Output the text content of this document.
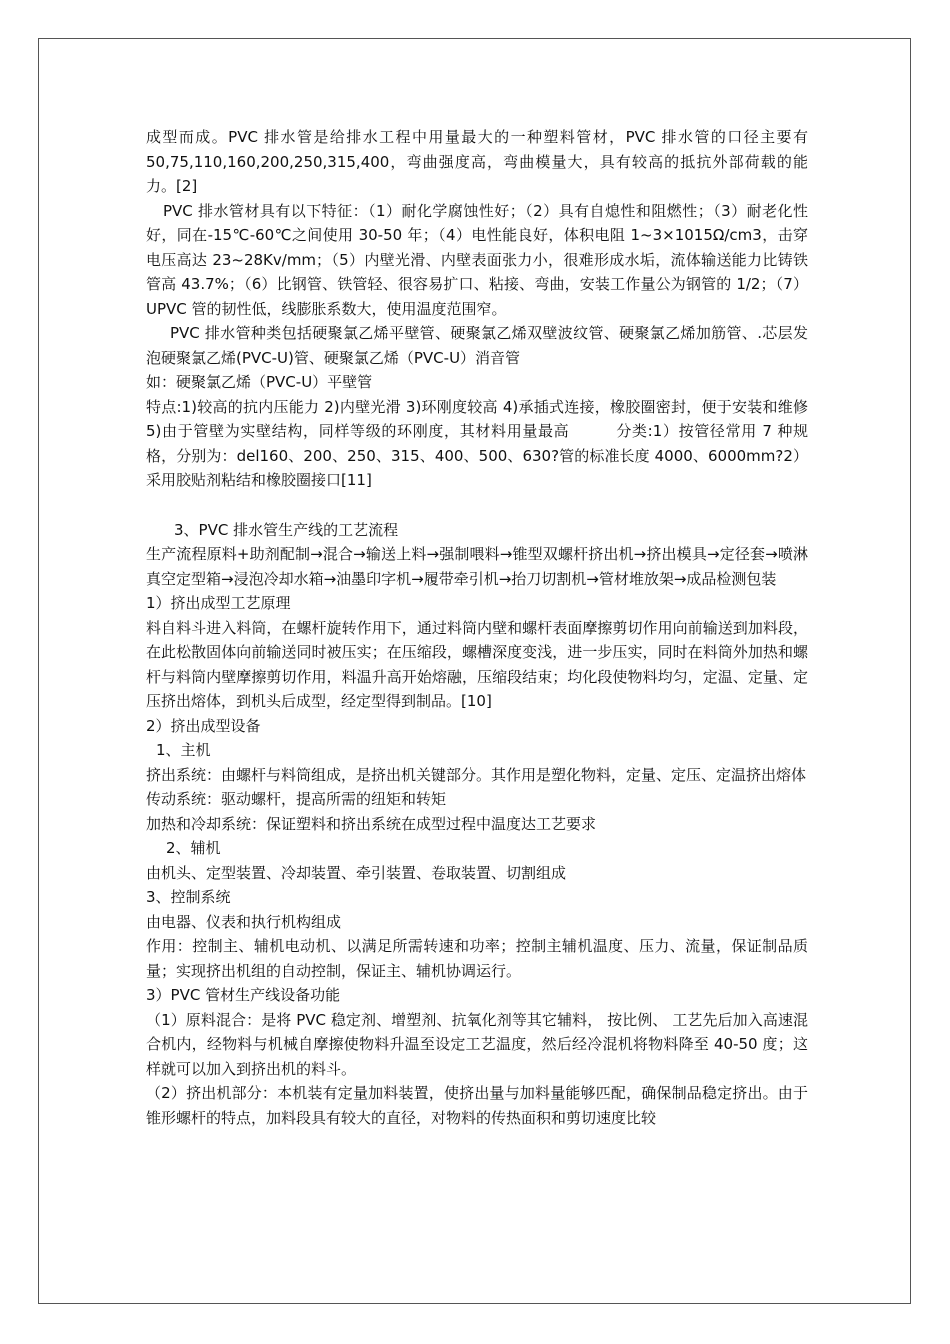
成型而成。PVC 排水管是给排水工程中用量最大的一种塑料管材，PVC 排水管的口径主要有 50,75,110,160,200,250,315,400，弯曲强度高，弯曲模量大，具有较高的抵抗外部荷载的能力。[2]

PVC 排水管材具有以下特征：（1）耐化学腐蚀性好；（2）具有自熄性和阻燃性；（3）耐老化性好，同在-15℃-60℃之间使用 30-50 年；（4）电性能良好，体积电阻 1~3×1015Ω/cm3，击穿电压高达 23~28Kv/mm；（5）内壁光滑、内壁表面张力小，很难形成水垢，流体输送能力比铸铁管高 43.7%；（6）比钢管、铁管轻、很容易扩口、粘接、弯曲，安装工作量公为钢管的 1/2；（7）UPVC 管的韧性低，线膨胀系数大，使用温度范围窄。

PVC 排水管种类包括硬聚氯乙烯平壁管、硬聚氯乙烯双壁波纹管、硬聚氯乙烯加筋管、.芯层发泡硬聚氯乙烯(PVC-U)管、硬聚氯乙烯（PVC-U）消音管

如：硬聚氯乙烯（PVC-U）平壁管

特点:1)较高的抗内压能力 2)内壁光滑 3)环刚度较高 4)承插式连接，橡胶圈密封，便于安装和维修 5)由于管壁为实壁结构，同样等级的环刚度，其材料用量最高　　　分类:1）按管径常用 7 种规格，分别为：del160、200、250、315、400、500、630?管的标准长度 4000、6000mm?2）采用胶贴剂粘结和橡胶圈接口[11]

3、PVC 排水管生产线的工艺流程

生产流程原料+助剂配制→混合→输送上料→强制喂料→锥型双螺杆挤出机→挤出模具→定径套→喷淋真空定型箱→浸泡冷却水箱→油墨印字机→履带牵引机→抬刀切割机→管材堆放架→成品检测包装

1）挤出成型工艺原理

料自料斗进入料筒，在螺杆旋转作用下，通过料筒内壁和螺杆表面摩擦剪切作用向前输送到加料段，在此松散固体向前输送同时被压实；在压缩段，螺槽深度变浅，进一步压实，同时在料筒外加热和螺杆与料筒内壁摩擦剪切作用，料温升高开始熔融，压缩段结束；均化段使物料均匀，定温、定量、定压挤出熔体，到机头后成型，经定型得到制品。[10]

2）挤出成型设备

1、主机

挤出系统：由螺杆与料筒组成，是挤出机关键部分。其作用是塑化物料，定量、定压、定温挤出熔体

传动系统：驱动螺杆，提高所需的纽矩和转矩

加热和冷却系统：保证塑料和挤出系统在成型过程中温度达工艺要求

2、辅机

由机头、定型装置、冷却装置、牵引装置、卷取装置、切割组成

3、控制系统

由电器、仪表和执行机构组成

作用：控制主、辅机电动机、以满足所需转速和功率；控制主辅机温度、压力、流量，保证制品质量；实现挤出机组的自动控制，保证主、辅机协调运行。

3）PVC 管材生产线设备功能

（1）原料混合：是将 PVC 稳定剂、增塑剂、抗氧化剂等其它辅料， 按比例、 工艺先后加入高速混合机内，经物料与机械自摩擦使物料升温至设定工艺温度，然后经冷混机将物料降至 40-50 度；这样就可以加入到挤出机的料斗。

（2）挤出机部分：本机装有定量加料装置，使挤出量与加料量能够匹配，确保制品稳定挤出。由于锥形螺杆的特点，加料段具有较大的直径，对物料的传热面积和剪切速度比较
